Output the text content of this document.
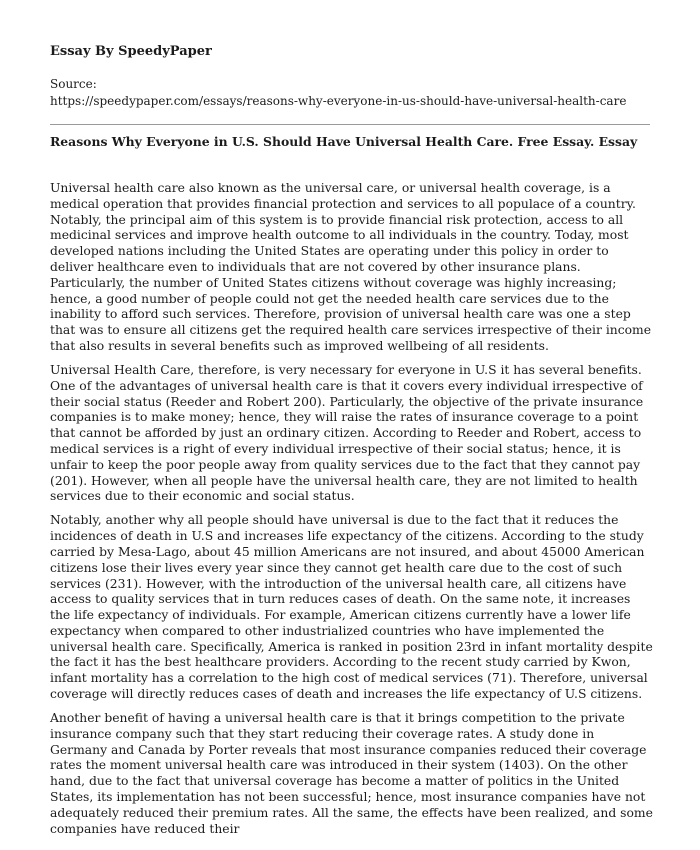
Essay By SpeedyPaper
Source:
https://speedypaper.com/essays/reasons-why-everyone-in-us-should-have-universal-health-care
Reasons Why Everyone in U.S. Should Have Universal Health Care. Free Essay. Essay

Universal health care also known as the universal care, or universal health coverage, is a medical operation that provides financial protection and services to all populace of a country. Notably, the principal aim of this system is to provide financial risk protection, access to all medicinal services and improve health outcome to all individuals in the country. Today, most developed nations including the United States are operating under this policy in order to deliver healthcare even to individuals that are not covered by other insurance plans. Particularly, the number of United States citizens without coverage was highly increasing; hence, a good number of people could not get the needed health care services due to the inability to afford such services. Therefore, provision of universal health care was one a step that was to ensure all citizens get the required health care services irrespective of their income that also results in several benefits such as improved wellbeing of all residents.

Universal Health Care, therefore, is very necessary for everyone in U.S it has several benefits. One of the advantages of universal health care is that it covers every individual irrespective of their social status (Reeder and Robert 200). Particularly, the objective of the private insurance companies is to make money; hence, they will raise the rates of insurance coverage to a point that cannot be afforded by just an ordinary citizen. According to Reeder and Robert, access to medical services is a right of every individual irrespective of their social status; hence, it is unfair to keep the poor people away from quality services due to the fact that they cannot pay (201). However, when all people have the universal health care, they are not limited to health services due to their economic and social status.

Notably, another why all people should have universal is due to the fact that it reduces the incidences of death in U.S and increases life expectancy of the citizens. According to the study carried by Mesa-Lago, about 45 million Americans are not insured, and about 45000 American citizens lose their lives every year since they cannot get health care due to the cost of such services (231). However, with the introduction of the universal health care, all citizens have access to quality services that in turn reduces cases of death. On the same note, it increases the life expectancy of individuals. For example, American citizens currently have a lower life expectancy when compared to other industrialized countries who have implemented the universal health care. Specifically, America is ranked in position 23rd in infant mortality despite the fact it has the best healthcare providers. According to the recent study carried by Kwon, infant mortality has a correlation to the high cost of medical services (71). Therefore, universal coverage will directly reduces cases of death and increases the life expectancy of U.S citizens.

Another benefit of having a universal health care is that it brings competition to the private insurance company such that they start reducing their coverage rates. A study done in Germany and Canada by Porter reveals that most insurance companies reduced their coverage rates the moment universal health care was introduced in their system (1403). On the other hand, due to the fact that universal coverage has become a matter of politics in the United States, its implementation has not been successful; hence, most insurance companies have not adequately reduced their premium rates. All the same, the effects have been realized, and some companies have reduced their
